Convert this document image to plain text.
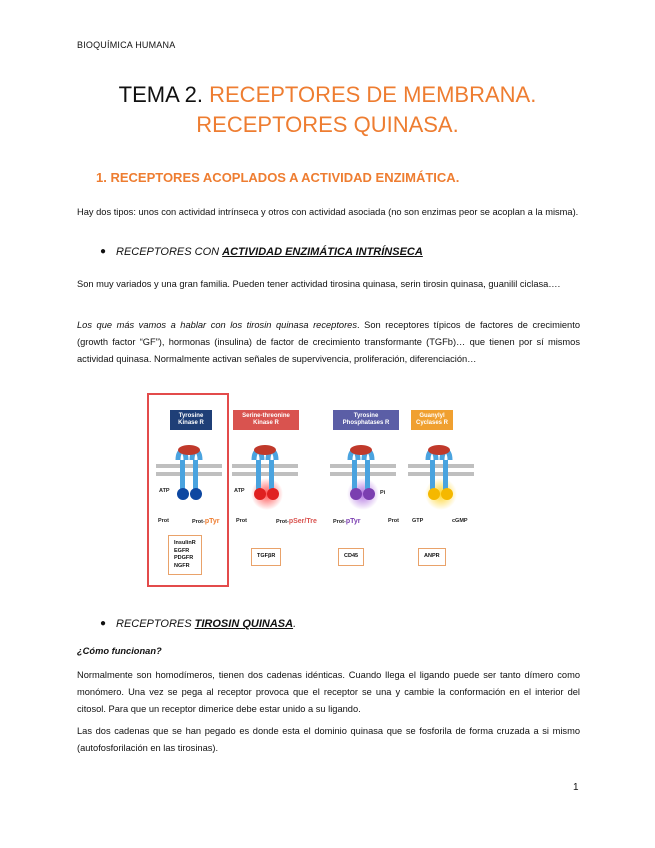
BIOQUÍMICA HUMANA
TEMA 2. RECEPTORES DE MEMBRANA.
RECEPTORES QUINASA.
1. RECEPTORES ACOPLADOS A ACTIVIDAD ENZIMÁTICA.
Hay dos tipos: unos con actividad intrínseca y otros con actividad asociada (no son enzimas peor se acoplan a la misma).
● RECEPTORES CON ACTIVIDAD ENZIMÁTICA INTRÍNSECA
Son muy variados y una gran familia. Pueden tener actividad tirosina quinasa, serin tirosin quinasa, guanilil ciclasa….
Los que más vamos a hablar con los tirosin quinasa receptores. Son receptores típicos de factores de crecimiento (growth factor “GF”), hormonas (insulina) de factor de crecimiento transformante (TGFb)… que tienen por sí mismos actividad quinasa. Normalmente activan señales de supervivencia, proliferación, diferenciación…
Tyrosine Kinase R
Serine-threonine Kinase R
Tyrosine Phosphatases R
Guanylyl Cyclases R
ATP	ATP	Pi
Prot	Prot-pTyr	Prot	Prot-pSer/Tre	Prot-pTyr	Prot GTP	cGMP
InsulinR
EGFR
PDGFR
NGFR
TGFβR	CD45	ANPR
● RECEPTORES TIROSIN QUINASA.
¿Cómo funcionan?
Normalmente son homodímeros, tienen dos cadenas idénticas. Cuando llega el ligando puede ser tanto dímero como monómero. Una vez se pega al receptor provoca que el receptor se una y cambie la conformación en el interior del citosol. Para que un receptor dimerice debe estar unido a su ligando.
Las dos cadenas que se han pegado es donde esta el dominio quinasa que se fosforila de forma cruzada a si mismo (autofosforilación en las tirosinas).
1
